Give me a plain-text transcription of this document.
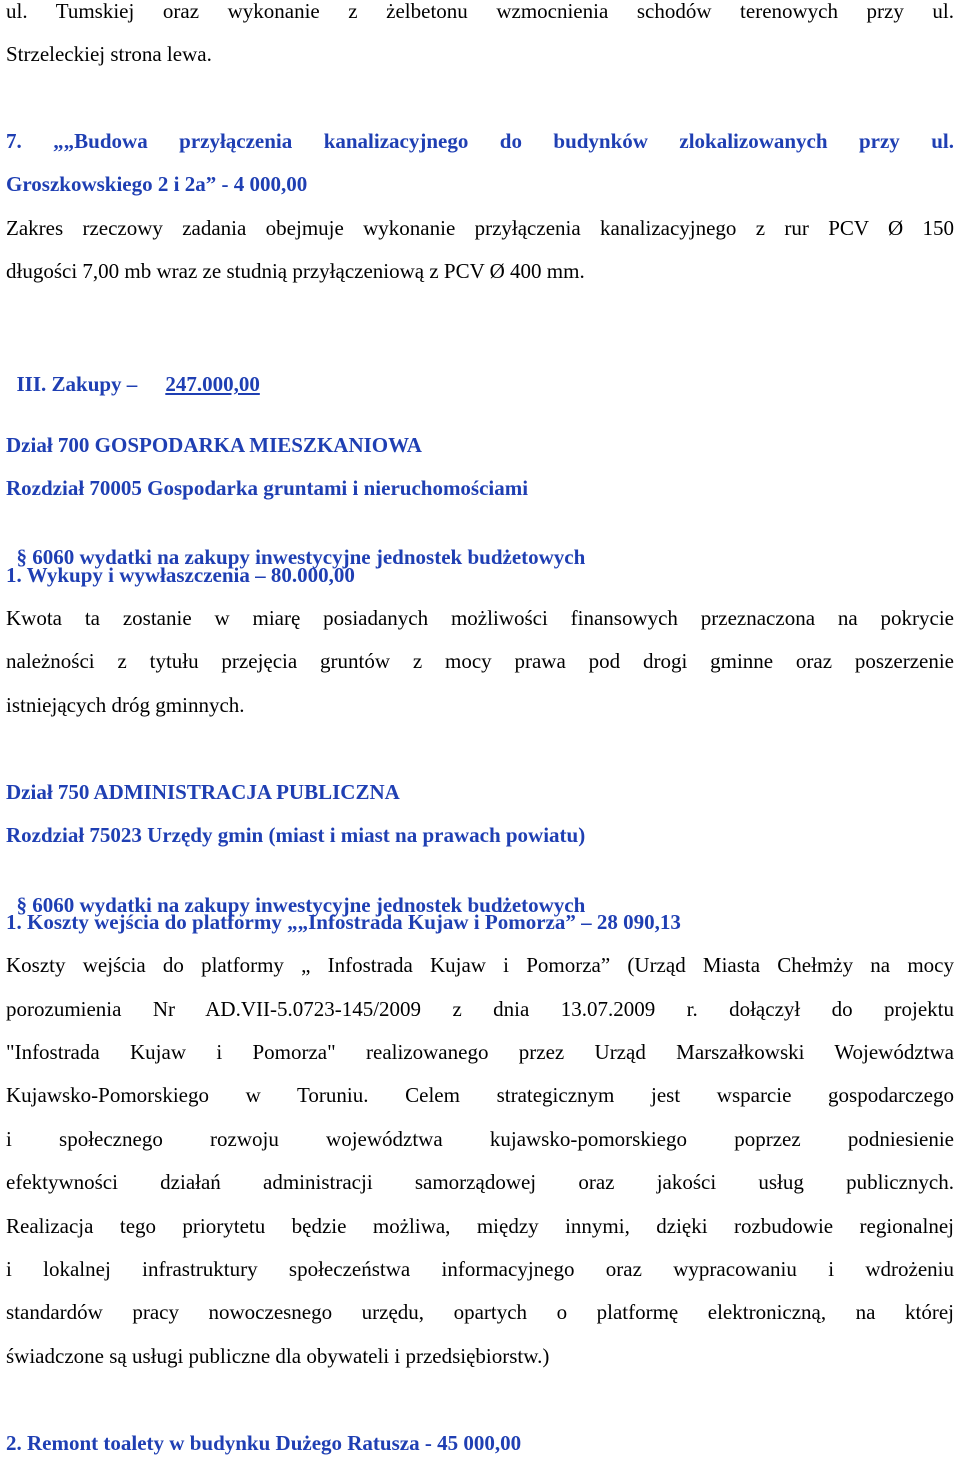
ul. Tumskiej oraz wykonanie z żelbetonu wzmocnienia schodów terenowych przy ul.
Strzeleckiej strona lewa.
7. „„Budowa przyłączenia kanalizacyjnego do budynków zlokalizowanych przy ul.
Groszkowskiego 2 i 2a” - 4 000,00
Zakres rzeczowy zadania obejmuje wykonanie przyłączenia kanalizacyjnego z rur PCV Ø 150
długości 7,00 mb wraz ze studnią przyłączeniową z PCV Ø 400 mm.

III. Zakupy – 247.000,00

Dział 700 GOSPODARKA MIESZKANIOWA
Rozdział 70005 Gospodarka gruntami i nieruchomościami

§ 6060 wydatki na zakupy inwestycyjne jednostek budżetowych

1. Wykupy i wywłaszczenia – 80.000,00
Kwota ta zostanie w miarę posiadanych możliwości finansowych przeznaczona na pokrycie
należności z tytułu przejęcia gruntów z mocy prawa pod drogi gminne oraz poszerzenie
istniejących dróg gminnych.
Dział 750 ADMINISTRACJA PUBLICZNA
Rozdział 75023 Urzędy gmin (miast i miast na prawach powiatu)

§ 6060 wydatki na zakupy inwestycyjne jednostek budżetowych

1. Koszty wejścia do platformy „„Infostrada Kujaw i Pomorza” – 28 090,13
Koszty wejścia do platformy „ Infostrada Kujaw i Pomorza” (Urząd Miasta Chełmży na mocy
porozumienia Nr AD.VII-5.0723-145/2009 z dnia 13.07.2009 r. dołączył do projektu
"Infostrada Kujaw i Pomorza" realizowanego przez Urząd Marszałkowski Województwa
Kujawsko-Pomorskiego w Toruniu. Celem strategicznym jest wsparcie gospodarczego
i społecznego rozwoju województwa kujawsko-pomorskiego poprzez podniesienie
efektywności działań administracji samorządowej oraz jakości usług publicznych.
Realizacja tego priorytetu będzie możliwa, między innymi, dzięki rozbudowie regionalnej
i lokalnej infrastruktury społeczeństwa informacyjnego oraz wypracowaniu i wdrożeniu
standardów pracy nowoczesnego urzędu, opartych o platformę elektroniczną, na której
świadczone są usługi publiczne dla obywateli i przedsiębiorstw.)
2. Remont toalety w budynku Dużego Ratusza - 45 000,00
